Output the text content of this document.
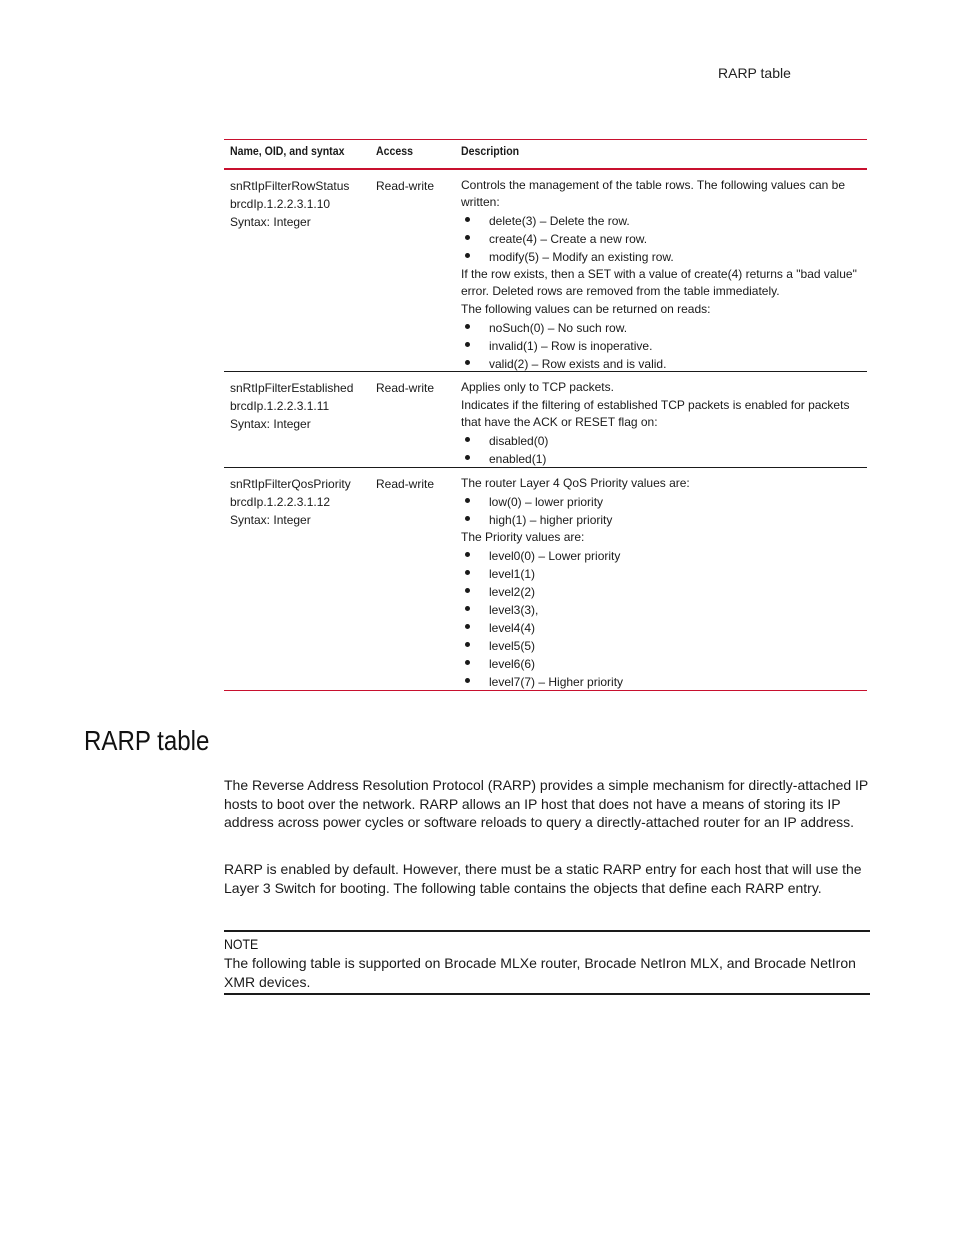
RARP table
Name, OID, and syntax	Access	Description
snRtIpFilterRowStatus
brcdIp.1.2.2.3.1.10
Syntax: Integer
Read-write	Controls the management of the table rows. The following values can be written:
delete(3) – Delete the row.
create(4) – Create a new row.
modify(5) – Modify an existing row.
If the row exists, then a SET with a value of create(4) returns a "bad value" error. Deleted rows are removed from the table immediately.
The following values can be returned on reads:
noSuch(0) – No such row.
invalid(1) – Row is inoperative.
valid(2) – Row exists and is valid.
snRtIpFilterEstablished
brcdIp.1.2.2.3.1.11
Syntax: Integer
Read-write	Applies only to TCP packets.
Indicates if the filtering of established TCP packets is enabled for packets that have the ACK or RESET flag on:
disabled(0)
enabled(1)
snRtIpFilterQosPriority
brcdIp.1.2.2.3.1.12
Syntax: Integer
Read-write	The router Layer 4 QoS Priority values are:
low(0) – lower priority
high(1) – higher priority
The Priority values are:
level0(0) – Lower priority
level1(1)
level2(2)
level3(3),
level4(4)
level5(5)
level6(6)
level7(7) – Higher priority
RARP table

The Reverse Address Resolution Protocol (RARP) provides a simple mechanism for directly-attached IP hosts to boot over the network. RARP allows an IP host that does not have a means of storing its IP address across power cycles or software reloads to query a directly-attached router for an IP address.

RARP is enabled by default. However, there must be a static RARP entry for each host that will use the Layer 3 Switch for booting. The following table contains the objects that define each RARP entry.

NOTE

The following table is supported on Brocade MLXe router, Brocade NetIron MLX, and Brocade NetIron XMR devices.
